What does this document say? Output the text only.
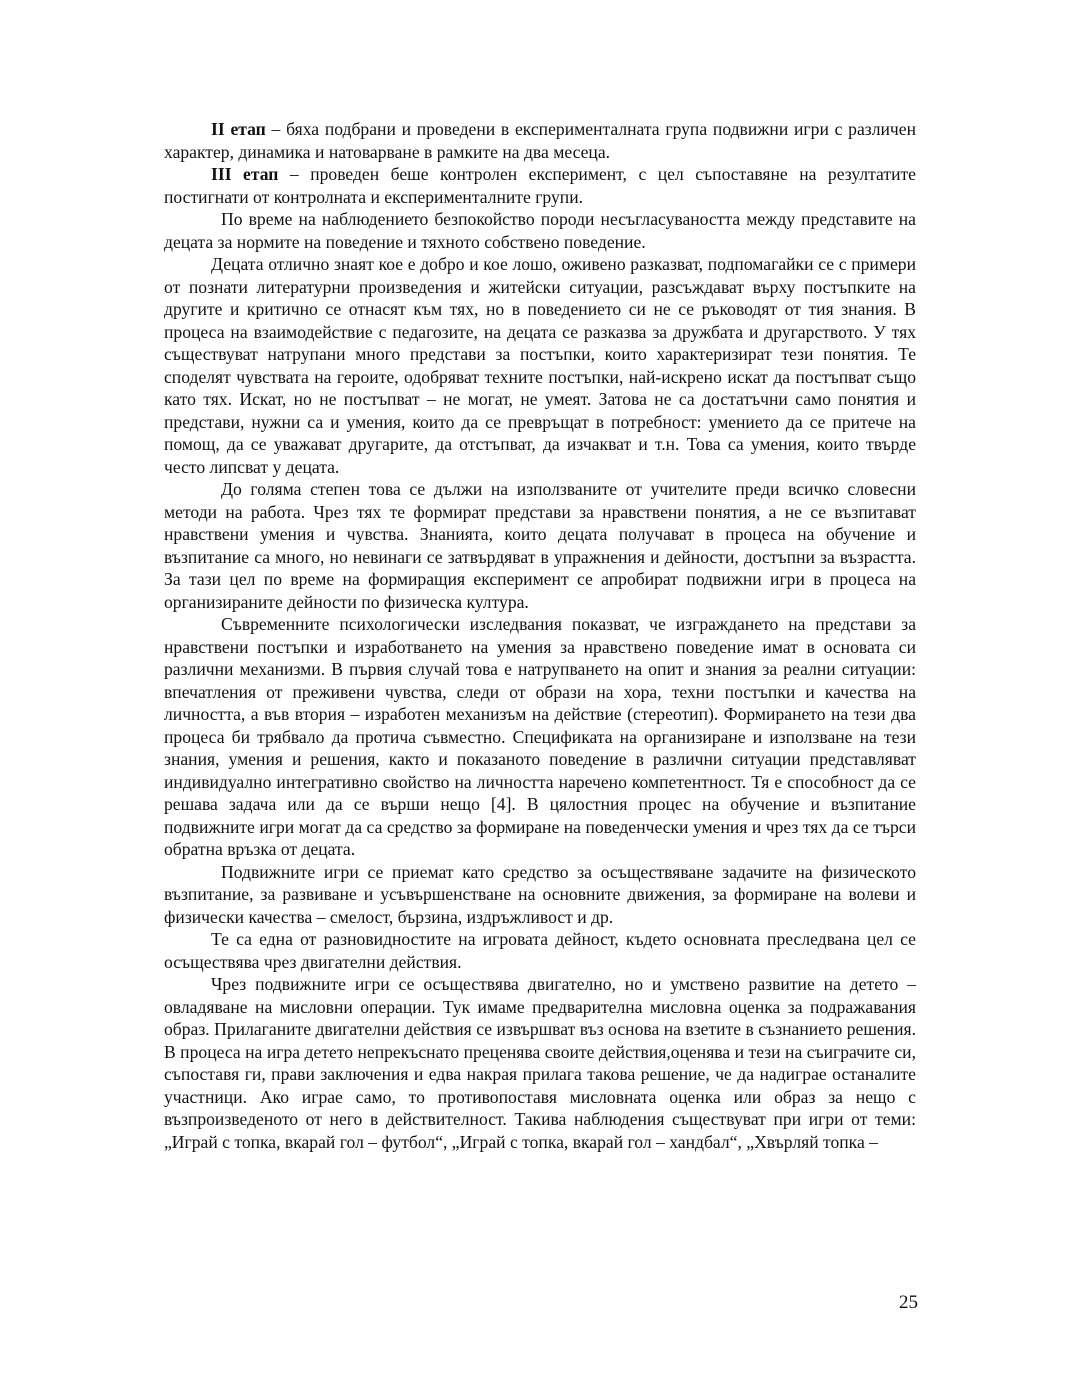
II етап – бяха подбрани и проведени в експерименталната група подвижни игри с различен характер, динамика и натоварване в рамките на два месеца.

III етап – проведен беше контролен експеримент, с цел съпоставяне на резултатите постигнати от контролната и експерименталните групи.

По време на наблюдението безпокойство породи несъгласуваността между представите на децата за нормите на поведение и тяхното собствено поведение.

Децата отлично знаят кое е добро и кое лошо, оживено разказват, подпомагайки се с примери от познати литературни произведения и житейски ситуации, разсъждават върху постъпките на другите и критично се отнасят към тях, но в поведението си не се ръководят от тия знания. В процеса на взаимодействие с педагозите, на децата се разказва за дружбата и другарството. У тях съществуват натрупани много представи за постъпки, които характеризират тези понятия. Те споделят чувствата на героите, одобряват техните постъпки, най-искрено искат да постъпват също като тях. Искат, но не постъпват – не могат, не умеят. Затова не са достатъчни само понятия и представи, нужни са и умения, които да се превръщат в потребност: умението да се притече на помощ, да се уважават другарите, да отстъпват, да изчакват и т.н. Това са умения, които твърде често липсват у децата.

До голяма степен това се дължи на използваните от учителите преди всичко словесни методи на работа. Чрез тях те формират представи за нравствени понятия, а не се възпитават нравствени умения и чувства. Знанията, които децата получават в процеса на обучение и възпитание са много, но невинаги се затвърдяват в упражнения и дейности, достъпни за възрастта. За тази цел по време на формиращия експеримент се апробират подвижни игри в процеса на организираните дейности по физическа култура.

Съвременните психологически изследвания показват, че изграждането на представи за нравствени постъпки и изработването на умения за нравствено поведение имат в основата си различни механизми. В първия случай това е натрупването на опит и знания за реални ситуации: впечатления от преживени чувства, следи от образи на хора, техни постъпки и качества на личността, а във втория – изработен механизъм на действие (стереотип). Формирането на тези два процеса би трябвало да протича съвместно. Спецификата на организиране и използване на тези знания, умения и решения, както и показаното поведение в различни ситуации представляват индивидуално интегративно свойство на личността наречено компетентност. Тя е способност да се решава задача или да се върши нещо [4]. В цялостния процес на обучение и възпитание подвижните игри могат да са средство за формиране на поведенчески умения и чрез тях да се търси обратна връзка от децата.

Подвижните игри се приемат като средство за осъществяване задачите на физическото възпитание, за развиване и усъвършенстване на основните движения, за формиране на волеви и физически качества – смелост, бързина, издръжливост и др.

Те са една от разновидностите на игровата дейност, където основната преследвана цел се осъществява чрез двигателни действия.

Чрез подвижните игри се осъществява двигателно, но и умствено развитие на детето – овладяване на мисловни операции. Тук имаме предварителна мисловна оценка за подражавания образ. Прилаганите двигателни действия се извършват въз основа на взетите в съзнанието решения. В процеса на игра детето непрекъснато преценява своите действия,оценява и тези на съиграчите си, съпоставя ги, прави заключения и едва накрая прилага такова решение, че да надиграе останалите участници. Ако играе само, то противопоставя мисловната оценка или образ за нещо с възпроизведеното от него в действителност. Такива наблюдения съществуват при игри от теми: „Играй с топка, вкарай гол – футбол“, „Играй с топка, вкарай гол – хандбал“, „Хвърляй топка –

25
